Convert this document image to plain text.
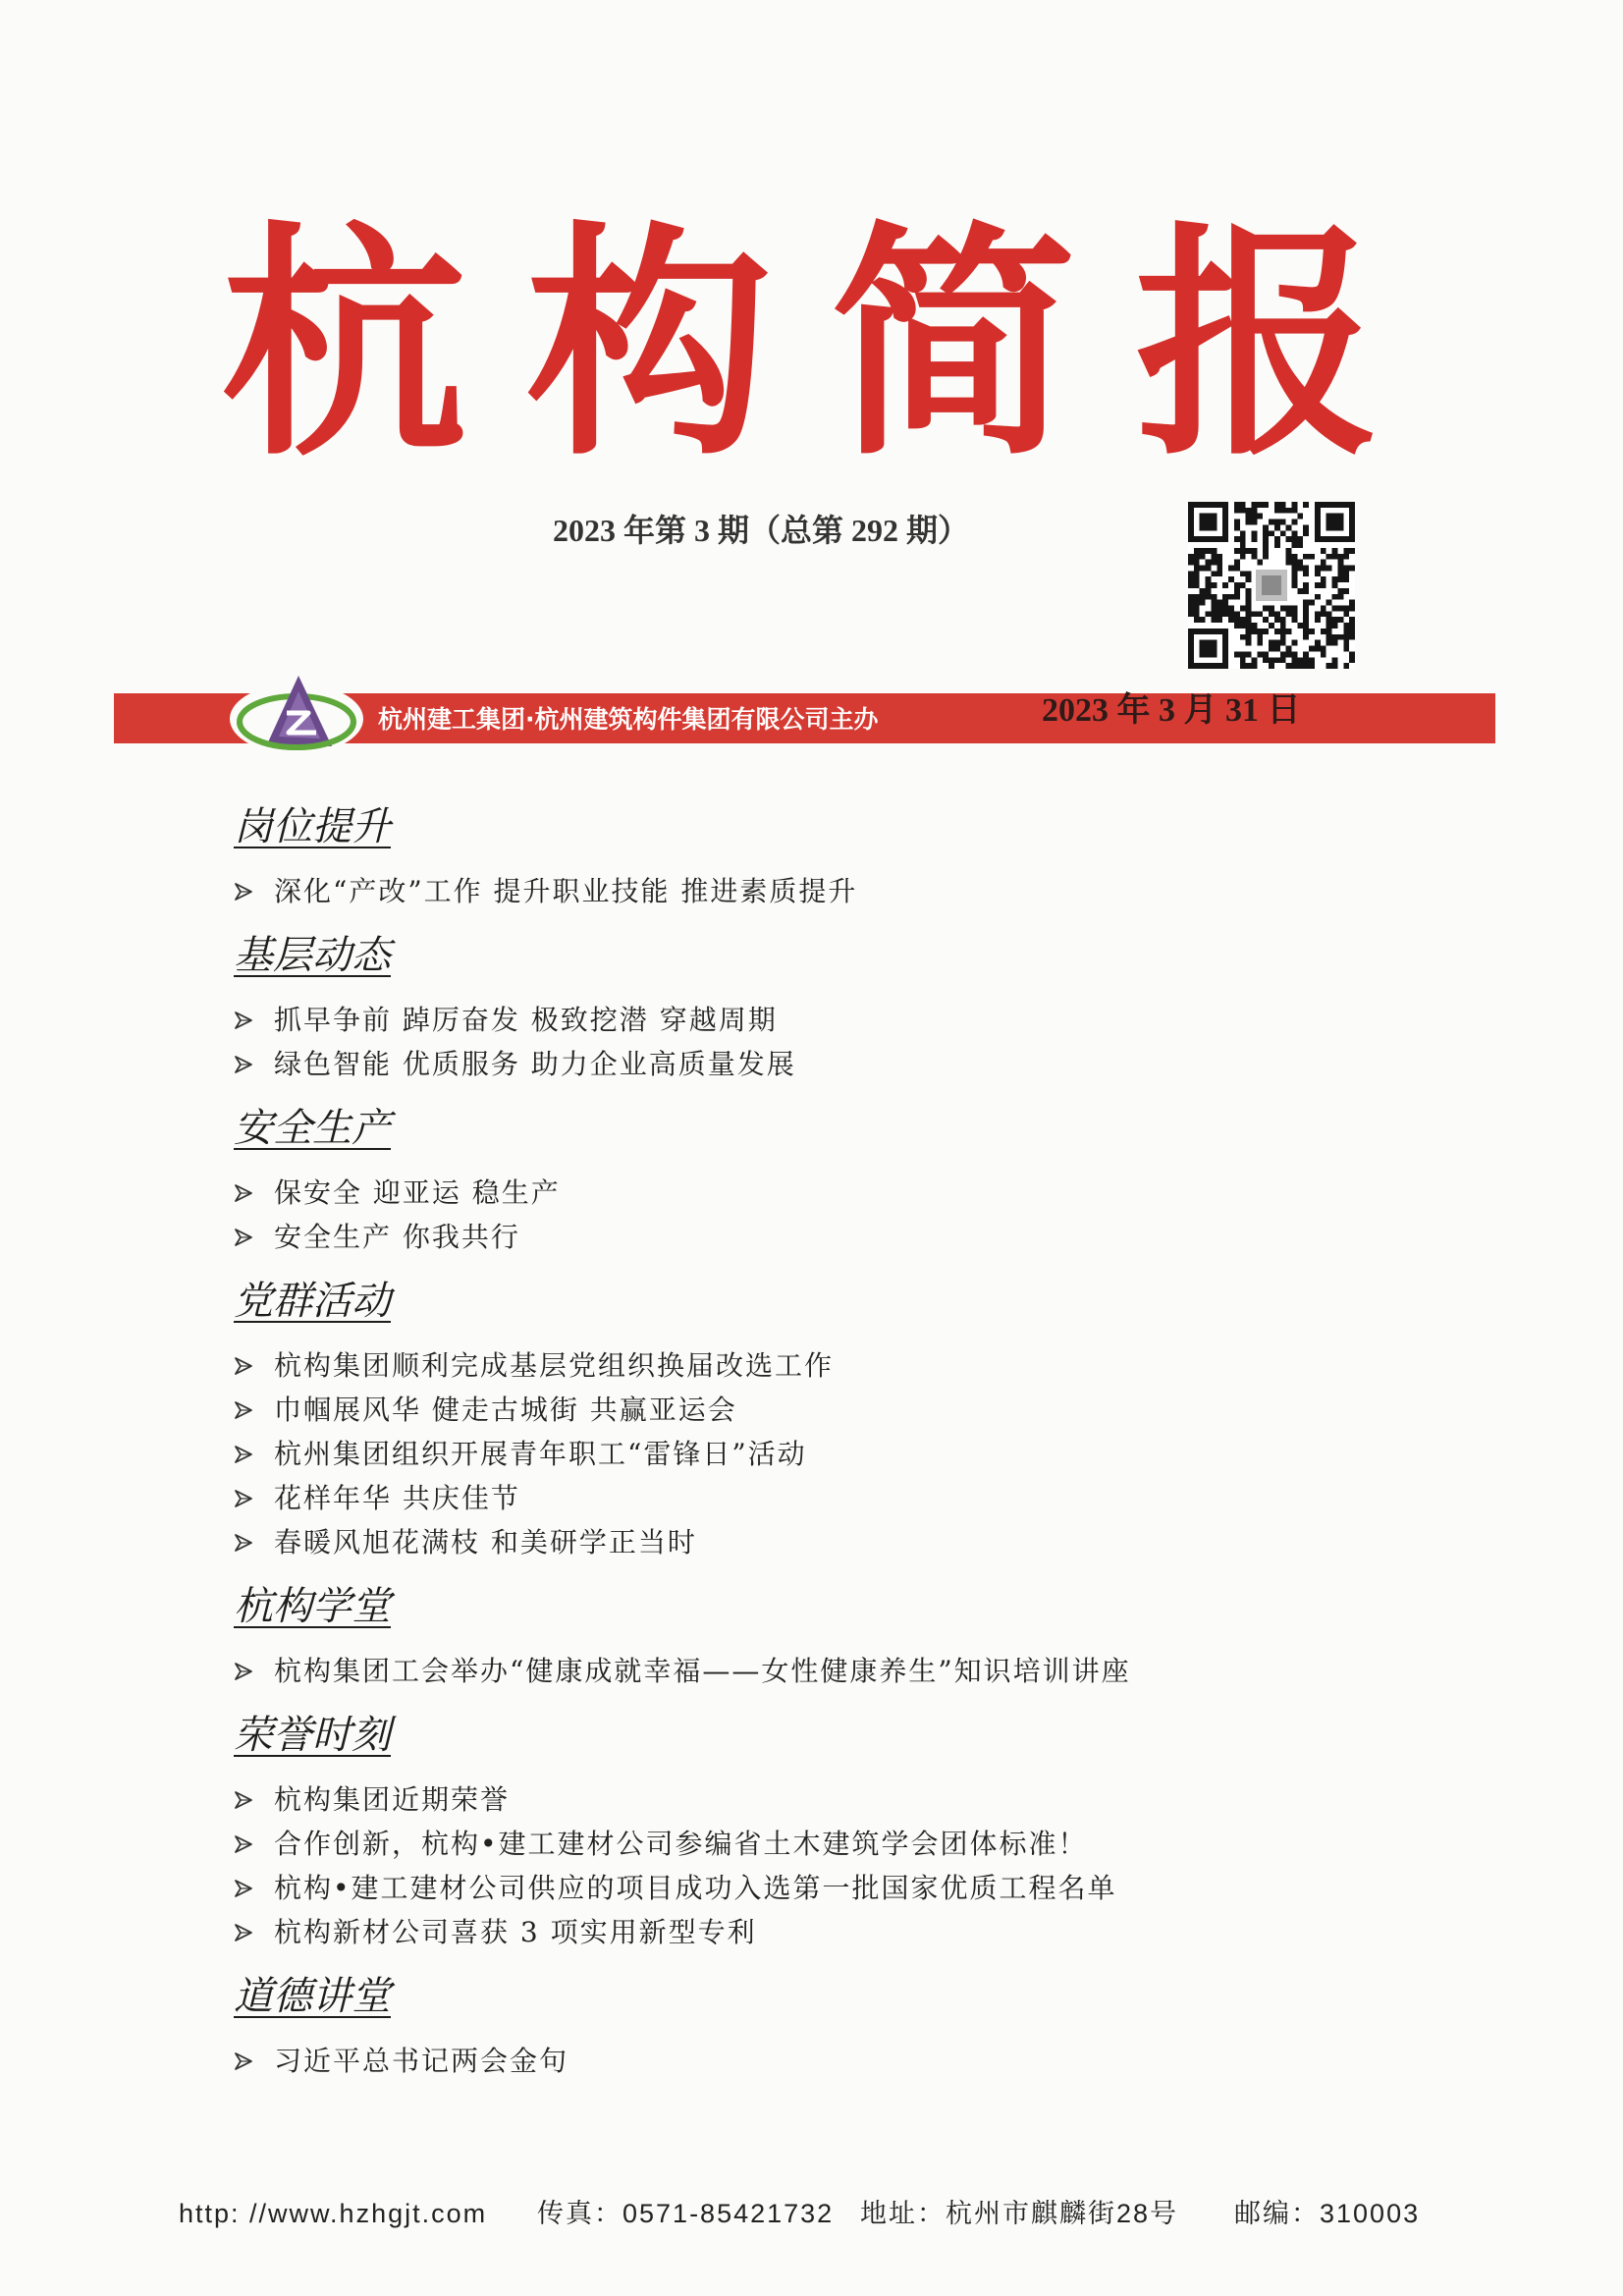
杭构简报
2023 年第 3 期（总第 292 期）
杭州建工集团·杭州建筑构件集团有限公司主办	2023 年 3 月 31 日
岗位提升
深化“产改”工作 提升职业技能 推进素质提升
基层动态
抓早争前 踔厉奋发 极致挖潜 穿越周期
绿色智能 优质服务 助力企业高质量发展
安全生产
保安全 迎亚运 稳生产
安全生产 你我共行
党群活动
杭构集团顺利完成基层党组织换届改选工作
巾帼展风华 健走古城街 共赢亚运会
杭州集团组织开展青年职工“雷锋日”活动
花样年华 共庆佳节
春暖风旭花满枝 和美研学正当时
杭构学堂
杭构集团工会举办“健康成就幸福——女性健康养生”知识培训讲座
荣誉时刻
杭构集团近期荣誉
合作创新，杭构•建工建材公司参编省土木建筑学会团体标准！
杭构•建工建材公司供应的项目成功入选第一批国家优质工程名单
杭构新材公司喜获 3 项实用新型专利
道德讲堂
习近平总书记两会金句
http: //www.hzhgjt.com 传真：0571-85421732 地址：杭州市麒麟街28号 邮编：310003
